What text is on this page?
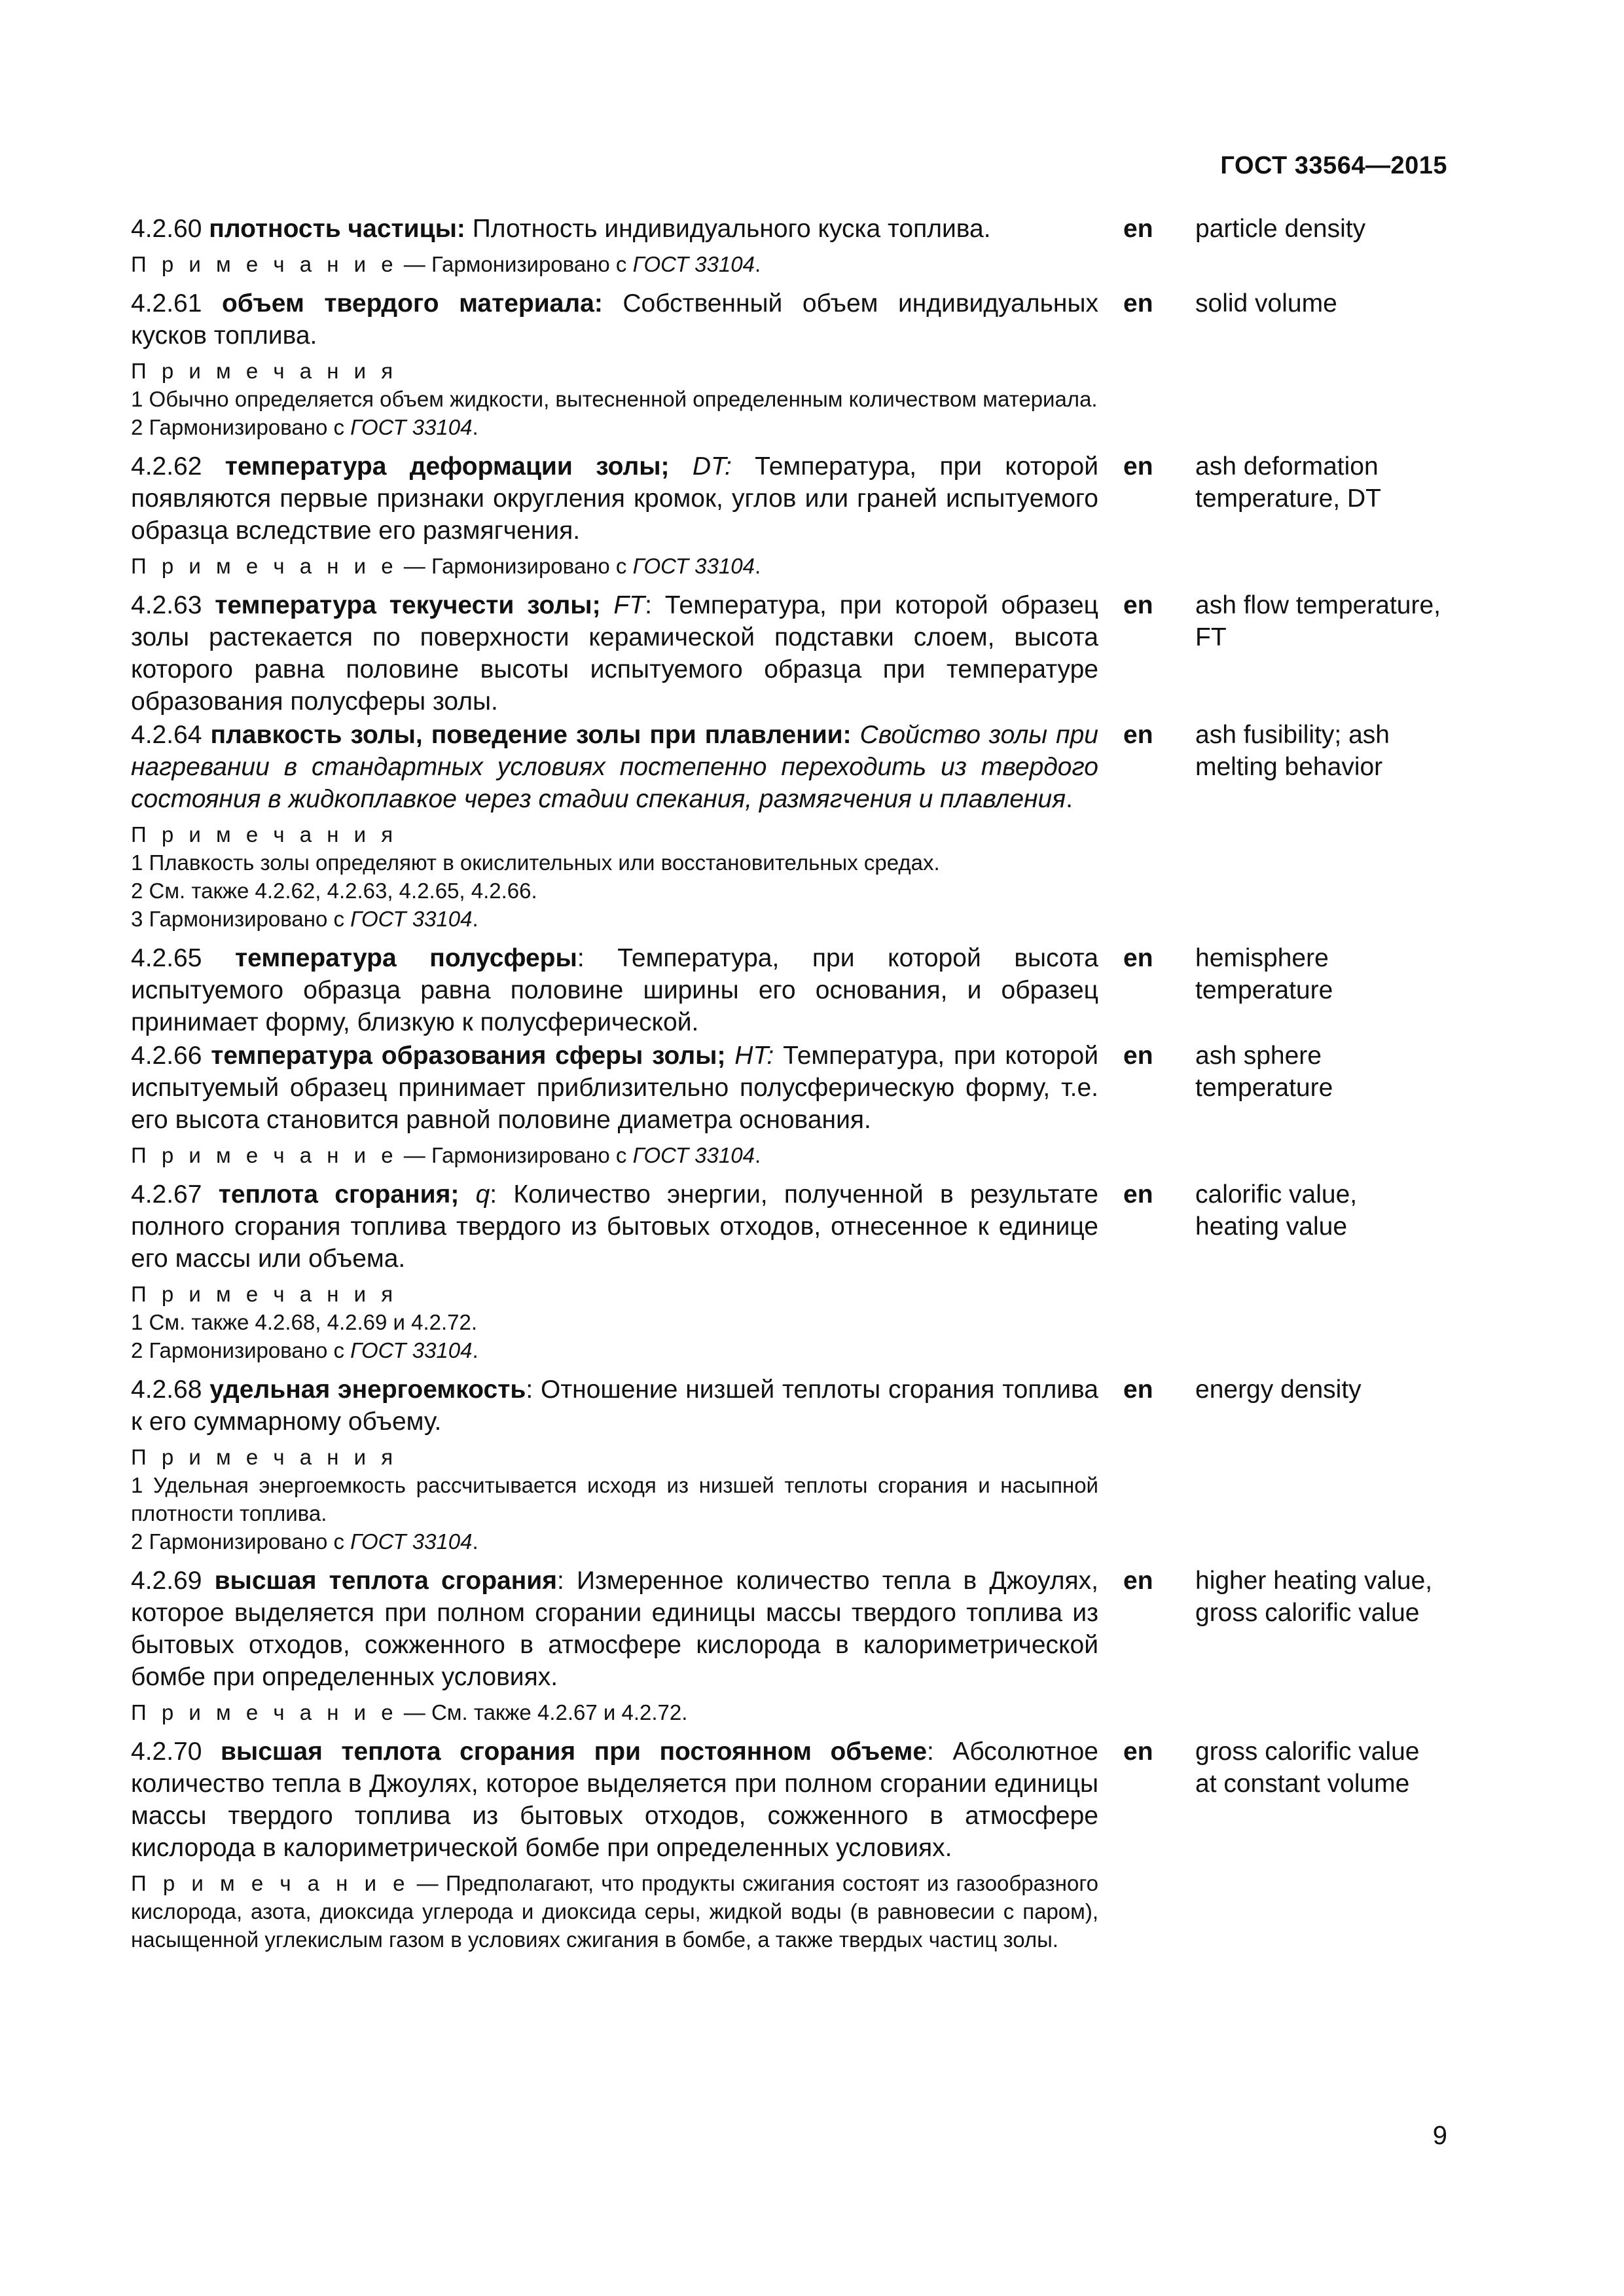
ГОСТ 33564—2015

4.2.60 плотность частицы: Плотность индивидуального куска топлива.

П р и м е ч а н и е — Гармонизировано с ГОСТ 33104.
en	particle density

4.2.61 объем твердого материала: Собственный объем индивидуальных кусков топлива.

П р и м е ч а н и я
1 Обычно определяется объем жидкости, вытесненной определенным количеством материала.
2 Гармонизировано с ГОСТ 33104.
en	solid volume

4.2.62 температура деформации золы; DT: Температура, при которой появляются первые признаки округления кромок, углов или граней испытуемого образца вследствие его размягчения.

П р и м е ч а н и е — Гармонизировано с ГОСТ 33104.
en	ash deformation temperature, DT

4.2.63 температура текучести золы; FT: Температура, при которой образец золы растекается по поверхности керамической подставки слоем, высота которого равна половине высоты испытуемого образца при температуре образования полусферы золы.

en	ash flow temperature, FT

4.2.64 плавкость золы, поведение золы при плавлении: Свойство золы при нагревании в стандартных условиях постепенно переходить из твердого состояния в жидкоплавкое через стадии спекания, размягчения и плавления.

П р и м е ч а н и я
1 Плавкость золы определяют в окислительных или восстановительных средах.
2 См. также 4.2.62, 4.2.63, 4.2.65, 4.2.66.
3 Гармонизировано с ГОСТ 33104.
en	ash fusibility; ash melting behavior

4.2.65 температура полусферы: Температура, при которой высота испытуемого образца равна половине ширины его основания, и образец принимает форму, близкую к полусферической.

en	hemisphere temperature

4.2.66 температура образования сферы золы; HT: Температура, при которой испытуемый образец принимает приблизительно полусферическую форму, т.е. его высота становится равной половине диаметра основания.

П р и м е ч а н и е — Гармонизировано с ГОСТ 33104.
en	ash sphere temperature

4.2.67 теплота сгорания; q: Количество энергии, полученной в результате полного сгорания топлива твердого из бытовых отходов, отнесенное к единице его массы или объема.

П р и м е ч а н и я
1 См. также 4.2.68, 4.2.69 и 4.2.72.
2 Гармонизировано с ГОСТ 33104.
en	calorific value, heating value

4.2.68 удельная энергоемкость: Отношение низшей теплоты сгорания топлива к его суммарному объему.

П р и м е ч а н и я
1 Удельная энергоемкость рассчитывается исходя из низшей теплоты сгорания и насыпной плотности топлива.
2 Гармонизировано с ГОСТ 33104.
en	energy density

4.2.69 высшая теплота сгорания: Измеренное количество тепла в Джоулях, которое выделяется при полном сгорании единицы массы твердого топлива из бытовых отходов, сожженного в атмосфере кислорода в калориметрической бомбе при определенных условиях.

П р и м е ч а н и е — См. также 4.2.67 и 4.2.72.
en	higher heating value, gross calorific value

4.2.70 высшая теплота сгорания при постоянном объеме: Абсолютное количество тепла в Джоулях, которое выделяется при полном сгорании единицы массы твердого топлива из бытовых отходов, сожженного в атмосфере кислорода в калориметрической бомбе при определенных условиях.

П р и м е ч а н и е — Предполагают, что продукты сжигания состоят из газообразного кислорода, азота, диоксида углерода и диоксида серы, жидкой воды (в равновесии с паром), насыщенной углекислым газом в условиях сжигания в бомбе, а также твердых частиц золы.
en	gross calorific value at constant volume
9
